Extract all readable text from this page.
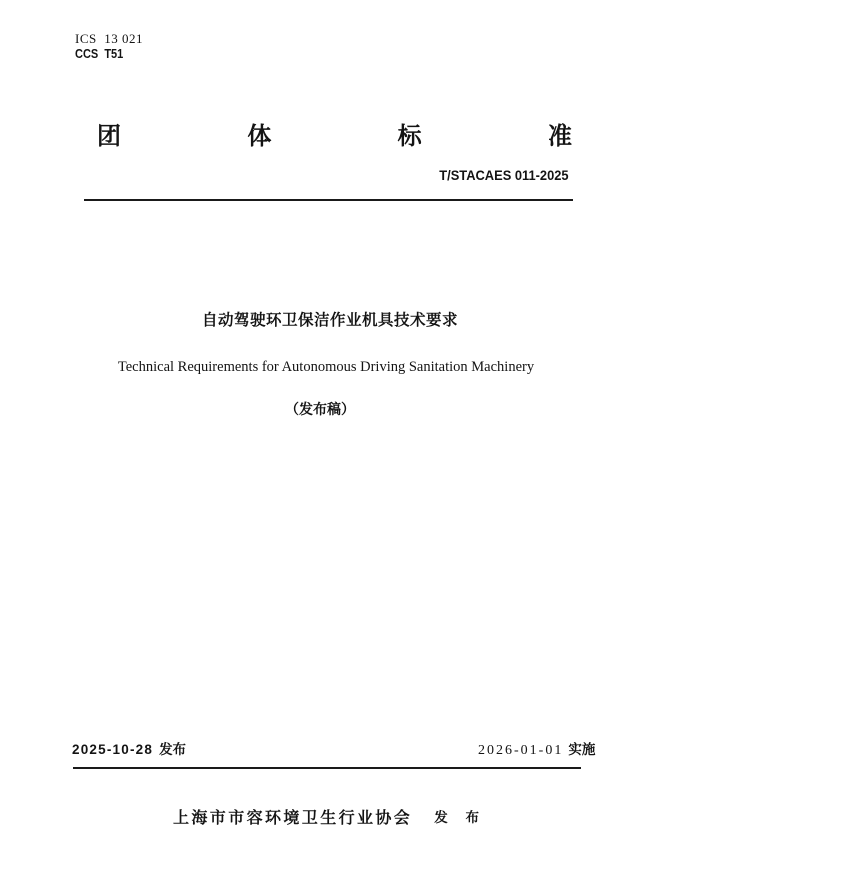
ICS  13 021
CCS  T51
团	体	标	准
T/STACAES 011-2025
自动驾驶环卫保洁作业机具技术要求
Technical Requirements for Autonomous Driving Sanitation Machinery
（发布稿）
2025-10-28 发布	2026-01-01 实施
上海市市容环境卫生行业协会 发 布
